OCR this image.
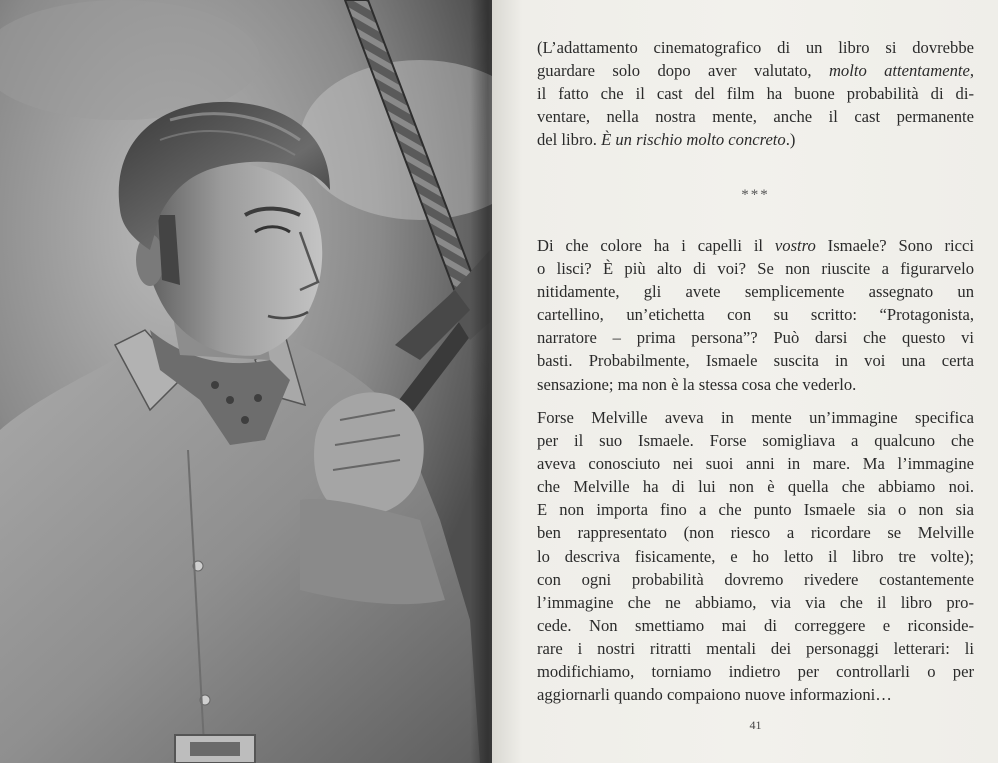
(L’adattamento cinematografico di un libro si dovrebbe
guardare solo dopo aver valutato, molto attentamente,
il fatto che il cast del film ha buone probabilità di di-
ventare, nella nostra mente, anche il cast permanente
del libro. È un rischio molto concreto.)
***
Di che colore ha i capelli il vostro Ismaele? Sono ricci
o lisci? È più alto di voi? Se non riuscite a figurarvelo
nitidamente, gli avete semplicemente assegnato un
cartellino, un’etichetta con su scritto: “Protagonista,
narratore – prima persona”? Può darsi che questo vi
basti. Probabilmente, Ismaele suscita in voi una certa
sensazione; ma non è la stessa cosa che vederlo.
Forse Melville aveva in mente un’immagine specifica
per il suo Ismaele. Forse somigliava a qualcuno che
aveva conosciuto nei suoi anni in mare. Ma l’immagine
che Melville ha di lui non è quella che abbiamo noi.
E non importa fino a che punto Ismaele sia o non sia
ben rappresentato (non riesco a ricordare se Melville
lo descriva fisicamente, e ho letto il libro tre volte);
con ogni probabilità dovremo rivedere costantemente
l’immagine che ne abbiamo, via via che il libro pro-
cede. Non smettiamo mai di correggere e riconside-
rare i nostri ritratti mentali dei personaggi letterari: li
modifichiamo, torniamo indietro per controllarli o per
aggiornarli quando compaiono nuove informazioni…
41
